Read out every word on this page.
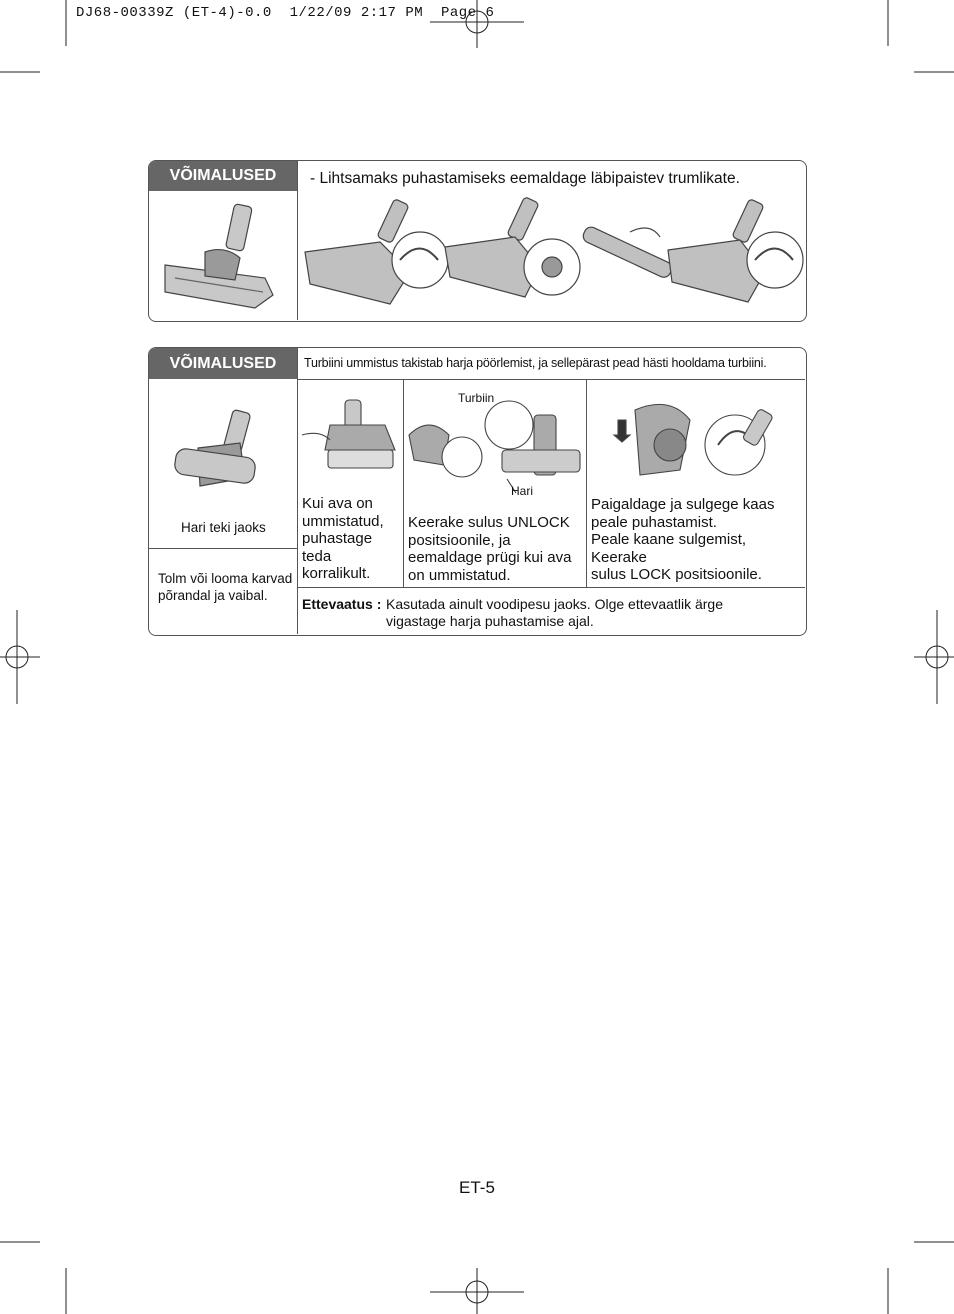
DJ68-00339Z (ET-4)-0.0  1/22/09 2:17 PM  Page 6
VÕIMALUSED	- Lihtsamaks puhastamiseks eemaldage läbipaistev trumlikate.
VÕIMALUSED	Turbiini ummistus takistab harja pöörlemist, ja sellepärast pead hästi hooldama turbiini.
Hari teki jaoks
Tolm või looma karvad
põrandal ja vaibal.
Kui ava on
ummistatud,
puhastage
teda
korralikult.
Turbiin
Hari
Keerake sulus UNLOCK
positsioonile, ja
eemaldage prügi kui ava
on ummistatud.
Paigaldage ja sulgege kaas
peale puhastamist.
Peale kaane sulgemist,
Keerake
sulus LOCK positsioonile.
Ettevaatus : Kasutada ainult voodipesu jaoks. Olge ettevaatlik ärge
vigastage harja puhastamise ajal.
ET-5
